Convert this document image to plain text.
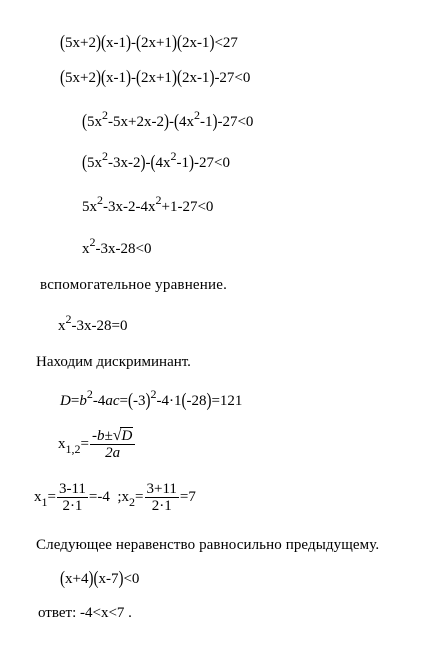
(5x+2)(x-1)-(2x+1)(2x-1)<27
(5x+2)(x-1)-(2x+1)(2x-1)-27<0
$(5x^2-5x+2x-2)-(4x^2-1)-27<0$
$(5x^2-3x-2)-(4x^2-1)-27<0$
$5x^2-3x-2-4x^2+1-27<0$
$x^2-3x-28<0$
вспомогательное уравнение.
$x^2-3x-28=0$
Находим дискриминант.
$D=b^2-4ac=(-3)^2-4\cdot 1(-28)=121$
$x_{1,2}= \frac{-b\pm√D}{2a}$
$x_1= \frac{3-11}{2\cdot 1} =-4$  $;x_2= \frac{3+11}{2\cdot 1} =7$
Следующее неравенство равносильно предыдущему.
(x+4)(x-7)<0
ответ: -4<x<7 .
